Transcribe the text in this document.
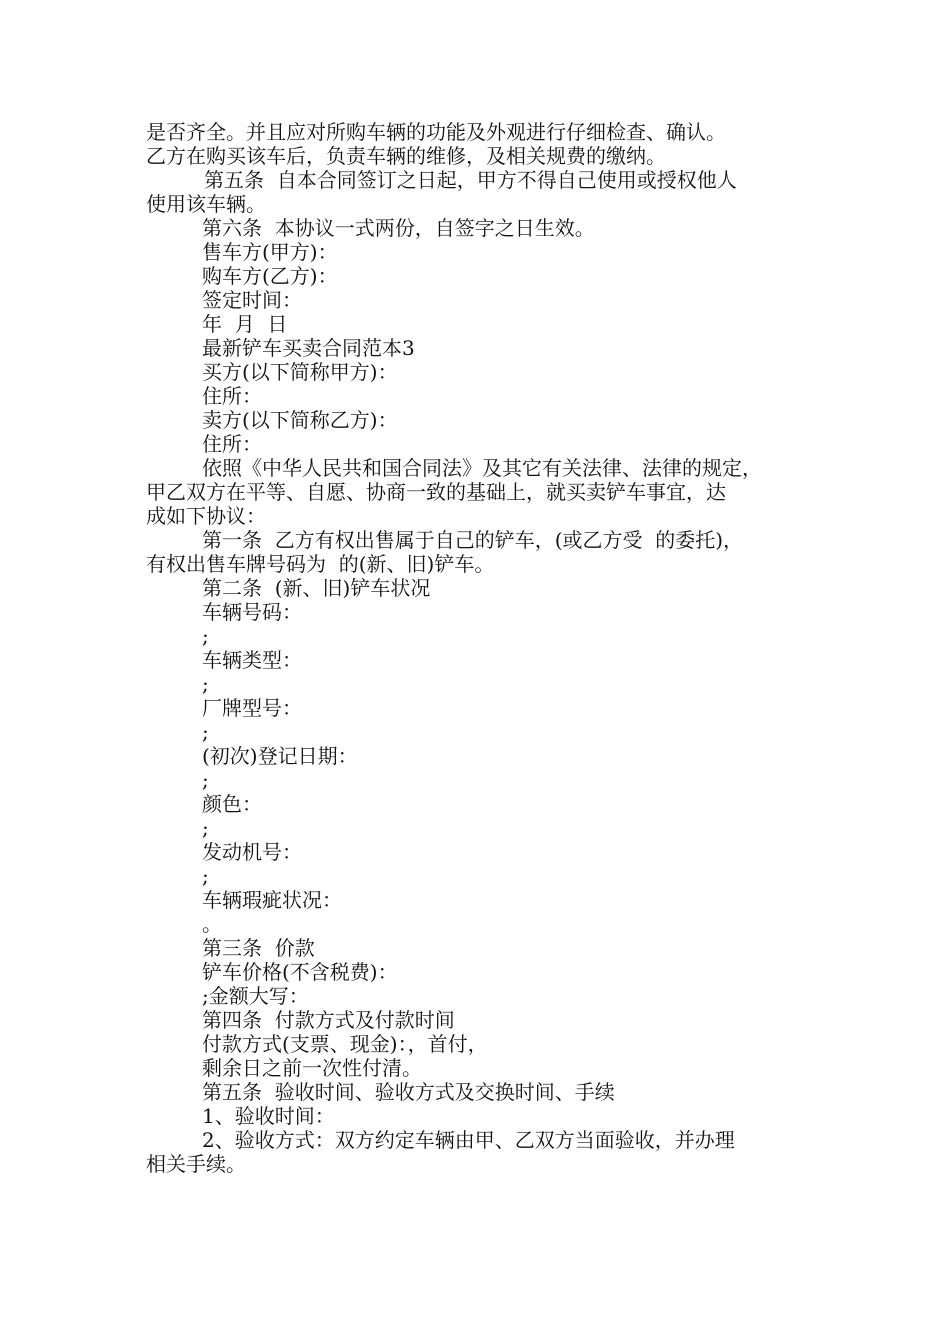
是否齐全。并且应对所购车辆的功能及外观进行仔细检查、确认。
乙方在购买该车后，负责车辆的维修，及相关规费的缴纳。
第五条  自本合同签订之日起，甲方不得自己使用或授权他人
使用该车辆。
第六条  本协议一式两份，自签字之日生效。
售车方(甲方)：
购车方(乙方)：
签定时间：
年  月  日
最新铲车买卖合同范本3
买方(以下简称甲方)：
住所：
卖方(以下简称乙方)：
住所：
依照《中华人民共和国合同法》及其它有关法律、法律的规定，
甲乙双方在平等、自愿、协商一致的基础上，就买卖铲车事宜，达
成如下协议：
第一条  乙方有权出售属于自己的铲车，(或乙方受  的委托)，
有权出售车牌号码为  的(新、旧)铲车。
第二条  (新、旧)铲车状况
车辆号码：
;
车辆类型：
;
厂牌型号：
;
(初次)登记日期：
;
颜色：
;
发动机号：
;
车辆瑕疵状况：
。
第三条  价款
铲车价格(不含税费)：
;金额大写：
第四条  付款方式及付款时间
付款方式(支票、现金)：，首付，
剩余日之前一次性付清。
第五条  验收时间、验收方式及交换时间、手续
1、验收时间：
2、验收方式：双方约定车辆由甲、乙双方当面验收，并办理
相关手续。
